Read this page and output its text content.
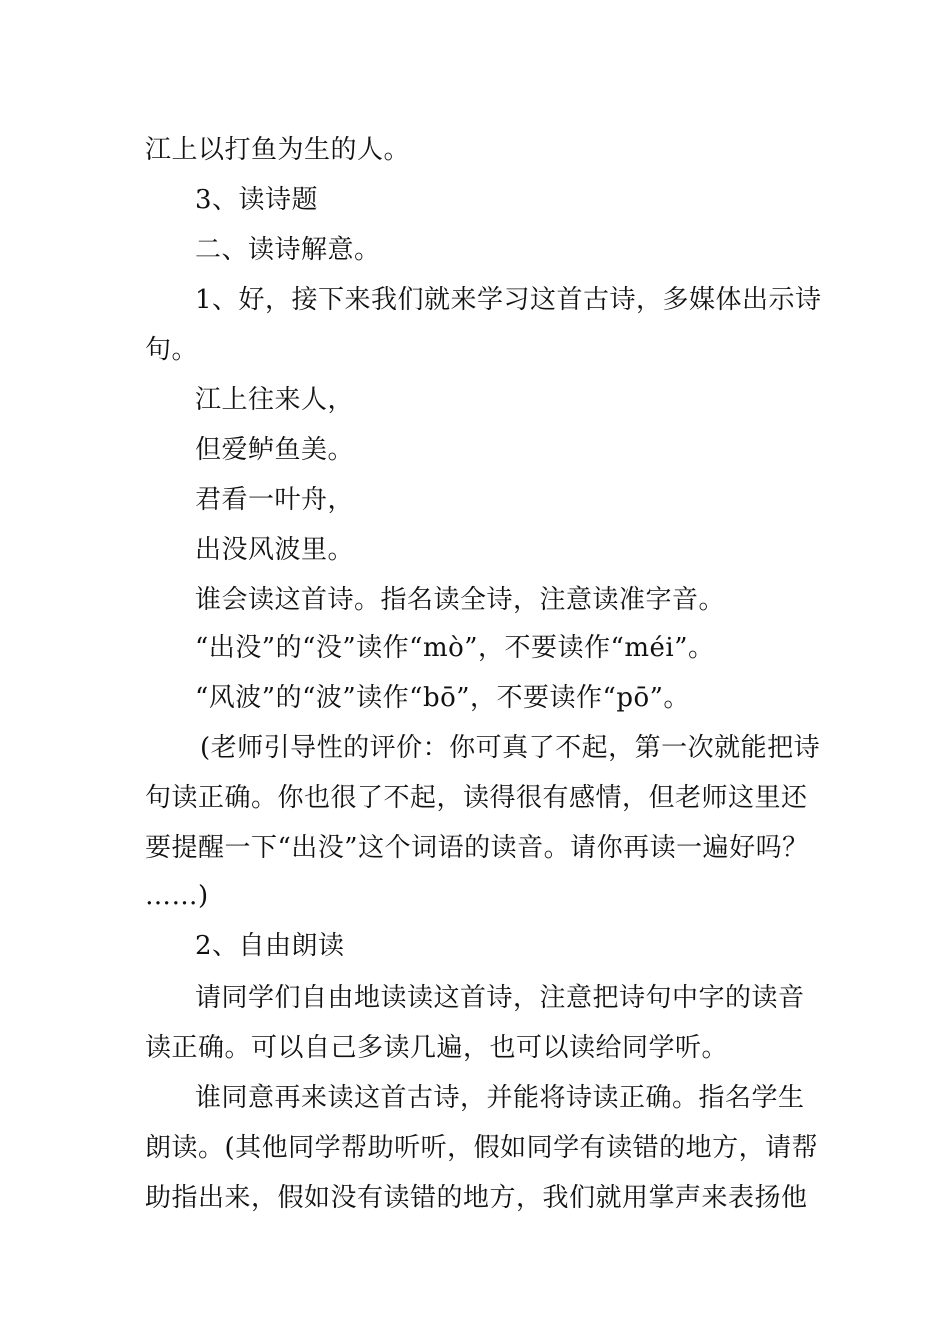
江上以打鱼为生的人。
3、读诗题
二、读诗解意。
1、好，接下来我们就来学习这首古诗，多媒体出示诗
句。
江上往来人，
但爱鲈鱼美。
君看一叶舟，
出没风波里。
谁会读这首诗。指名读全诗，注意读准字音。
“出没”的“没”读作“mò”，不要读作“méi”。
“风波”的“波”读作“bō”，不要读作“pō”。
(老师引导性的评价：你可真了不起，第一次就能把诗
句读正确。你也很了不起，读得很有感情，但老师这里还
要提醒一下“出没”这个词语的读音。请你再读一遍好吗？
……)
2、自由朗读
请同学们自由地读读这首诗，注意把诗句中字的读音
读正确。可以自己多读几遍，也可以读给同学听。
谁同意再来读这首古诗，并能将诗读正确。指名学生
朗读。(其他同学帮助听听，假如同学有读错的地方，请帮
助指出来，假如没有读错的地方，我们就用掌声来表扬他
